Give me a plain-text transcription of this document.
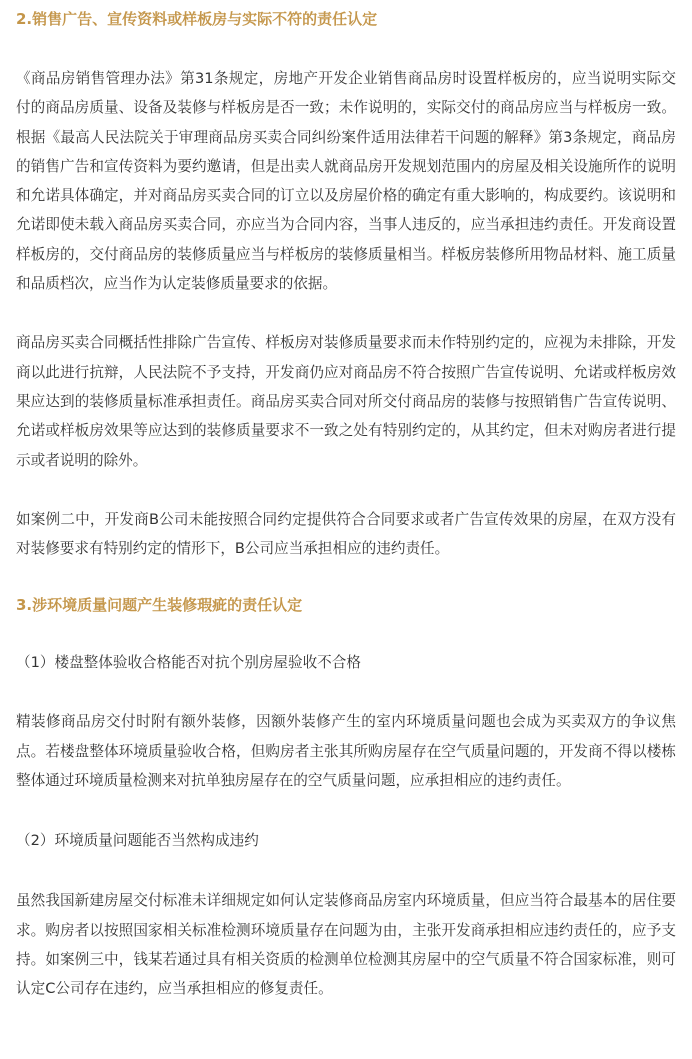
2.销售广告、宣传资料或样板房与实际不符的责任认定

《商品房销售管理办法》第31条规定，房地产开发企业销售商品房时设置样板房的，应当说明实际交付的商品房质量、设备及装修与样板房是否一致；未作说明的，实际交付的商品房应当与样板房一致。根据《最高人民法院关于审理商品房买卖合同纠纷案件适用法律若干问题的解释》第3条规定，商品房的销售广告和宣传资料为要约邀请，但是出卖人就商品房开发规划范围内的房屋及相关设施所作的说明和允诺具体确定，并对商品房买卖合同的订立以及房屋价格的确定有重大影响的，构成要约。该说明和允诺即使未载入商品房买卖合同，亦应当为合同内容，当事人违反的，应当承担违约责任。开发商设置样板房的，交付商品房的装修质量应当与样板房的装修质量相当。样板房装修所用物品材料、施工质量和品质档次，应当作为认定装修质量要求的依据。

商品房买卖合同概括性排除广告宣传、样板房对装修质量要求而未作特别约定的，应视为未排除，开发商以此进行抗辩，人民法院不予支持，开发商仍应对商品房不符合按照广告宣传说明、允诺或样板房效果应达到的装修质量标准承担责任。商品房买卖合同对所交付商品房的装修与按照销售广告宣传说明、允诺或样板房效果等应达到的装修质量要求不一致之处有特别约定的，从其约定，但未对购房者进行提示或者说明的除外。

如案例二中，开发商B公司未能按照合同约定提供符合合同要求或者广告宣传效果的房屋，在双方没有对装修要求有特别约定的情形下，B公司应当承担相应的违约责任。

3.涉环境质量问题产生装修瑕疵的责任认定

（1）楼盘整体验收合格能否对抗个别房屋验收不合格

精装修商品房交付时附有额外装修，因额外装修产生的室内环境质量问题也会成为买卖双方的争议焦点。若楼盘整体环境质量验收合格，但购房者主张其所购房屋存在空气质量问题的，开发商不得以楼栋整体通过环境质量检测来对抗单独房屋存在的空气质量问题，应承担相应的违约责任。

（2）环境质量问题能否当然构成违约

虽然我国新建房屋交付标准未详细规定如何认定装修商品房室内环境质量，但应当符合最基本的居住要求。购房者以按照国家相关标准检测环境质量存在问题为由，主张开发商承担相应违约责任的，应予支持。如案例三中，钱某若通过具有相关资质的检测单位检测其房屋中的空气质量不符合国家标准，则可认定C公司存在违约，应当承担相应的修复责任。
